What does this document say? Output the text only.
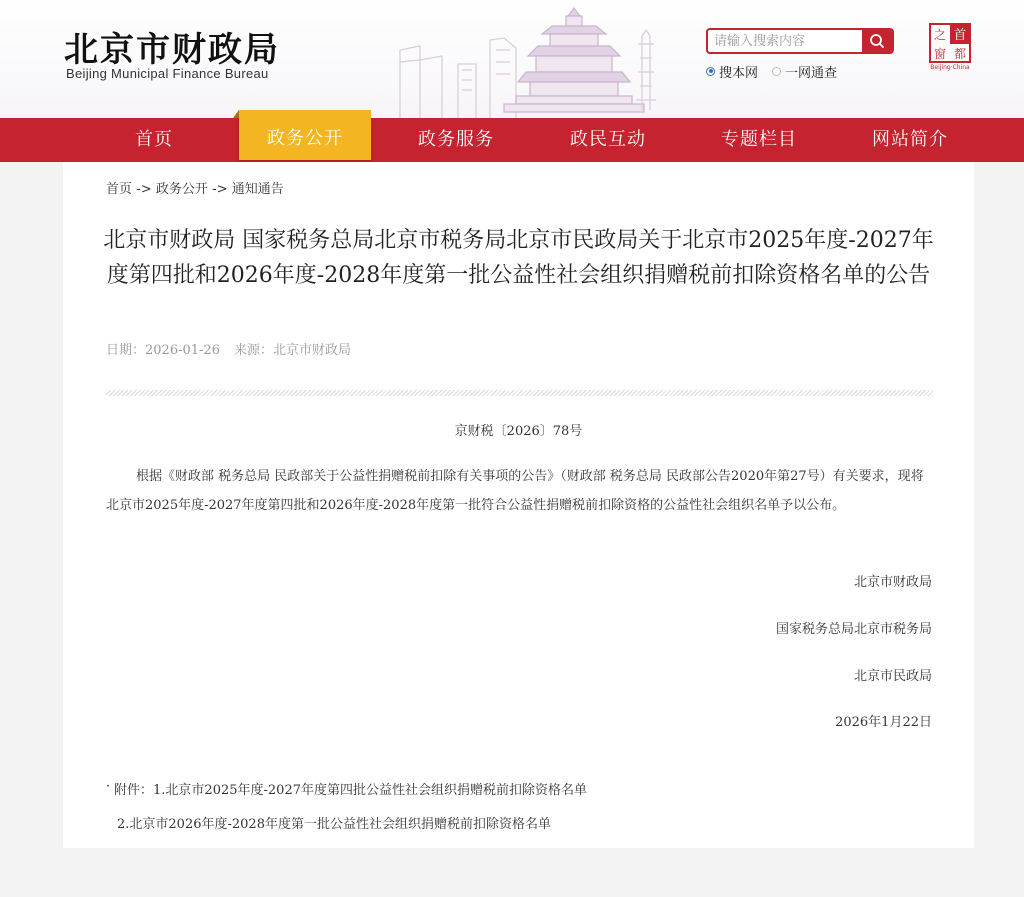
北京市财政局
Beijing Municipal Finance Bureau
请输入搜索内容	搜本网 一网通查
首
之
都
窗
Beijing·China
首页	政务公开	政务服务	政民互动	专题栏目	网站简介
首页 -> 政务公开 -> 通知通告
北京市财政局 国家税务总局北京市税务局北京市民政局关于北京市2025年度-2027年度第四批和2026年度-2028年度第一批公益性社会组织捐赠税前扣除资格名单的公告
日期：2026-01-26 来源：北京市财政局
京财税〔2026〕78号

根据《财政部 税务总局 民政部关于公益性捐赠税前扣除有关事项的公告》（财政部 税务总局 民政部公告2020年第27号）有关要求，现将北京市2025年度-2027年度第四批和2026年度-2028年度第一批符合公益性捐赠税前扣除资格的公益性社会组织名单予以公布。

北京市财政局
国家税务总局北京市税务局
北京市民政局
2026年1月22日
· 附件：1.北京市2025年度-2027年度第四批公益性社会组织捐赠税前扣除资格名单
2.北京市2026年度-2028年度第一批公益性社会组织捐赠税前扣除资格名单
